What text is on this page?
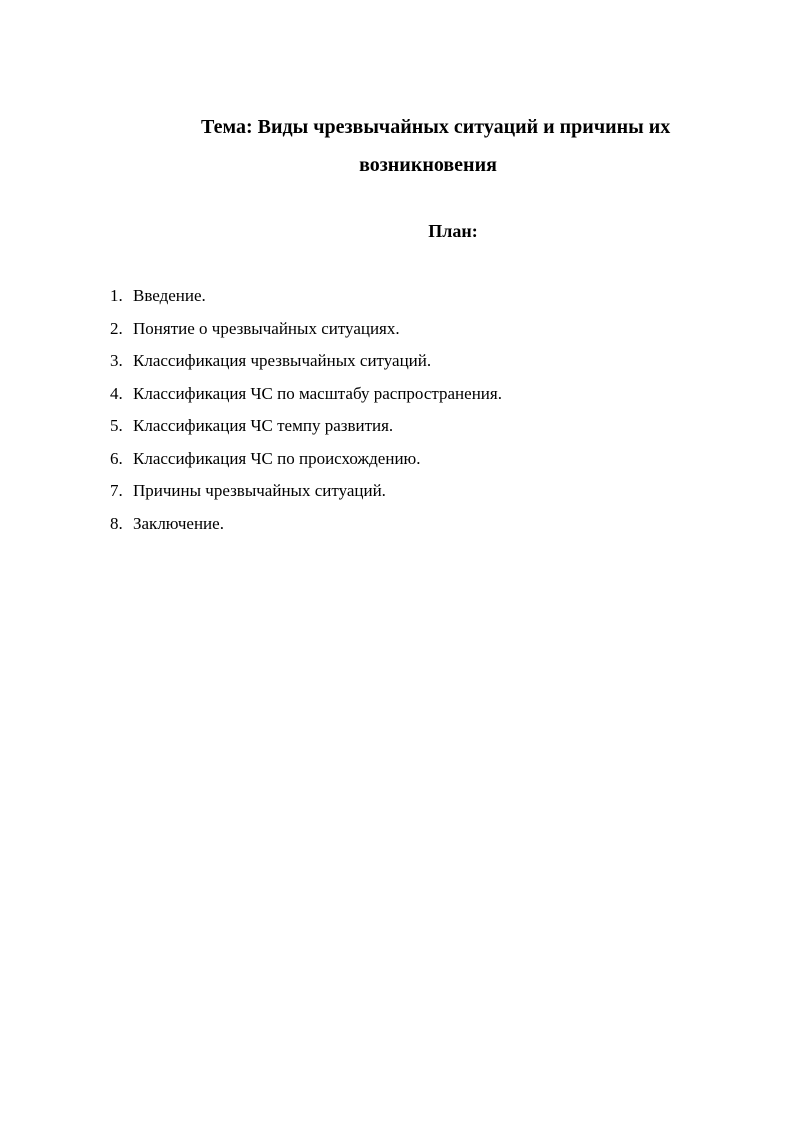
Тема: Виды чрезвычайных ситуаций и причины их
возникновения
План:
1. Введение.
2. Понятие о чрезвычайных ситуациях.
3. Классификация чрезвычайных ситуаций.
4. Классификация ЧС по масштабу распространения.
5. Классификация ЧС темпу развития.
6. Классификация ЧС по происхождению.
7. Причины чрезвычайных ситуаций.
8. Заключение.
